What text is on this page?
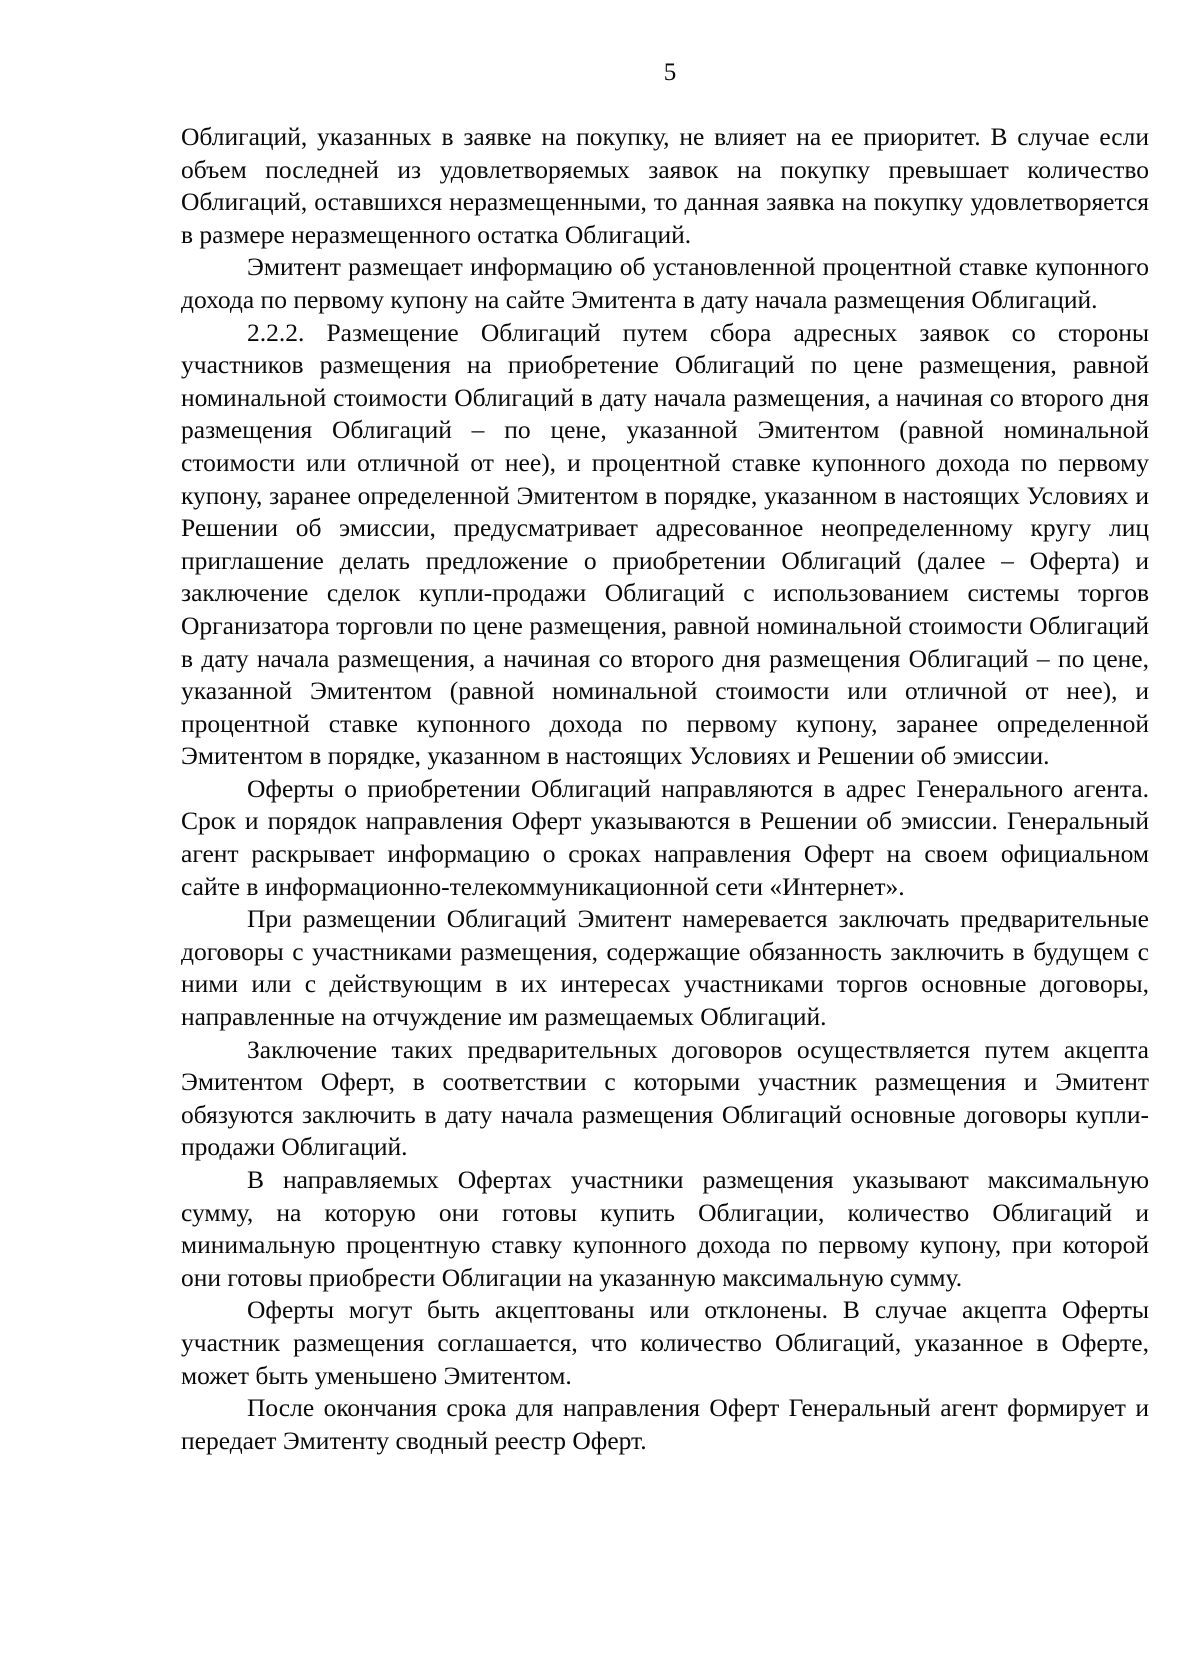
5

Облигаций, указанных в заявке на покупку, не влияет на ее приоритет. В случае если объем последней из удовлетворяемых заявок на покупку превышает количество Облигаций, оставшихся неразмещенными, то данная заявка на покупку удовлетворяется в размере неразмещенного остатка Облигаций.

Эмитент размещает информацию об установленной процентной ставке купонного дохода по первому купону на сайте Эмитента в дату начала размещения Облигаций.

2.2.2. Размещение Облигаций путем сбора адресных заявок со стороны участников размещения на приобретение Облигаций по цене размещения, равной номинальной стоимости Облигаций в дату начала размещения, а начиная со второго дня размещения Облигаций – по цене, указанной Эмитентом (равной номинальной стоимости или отличной от нее), и процентной ставке купонного дохода по первому купону, заранее определенной Эмитентом в порядке, указанном в настоящих Условиях и Решении об эмиссии, предусматривает адресованное неопределенному кругу лиц приглашение делать предложение о приобретении Облигаций (далее – Оферта) и заключение сделок купли-продажи Облигаций с использованием системы торгов Организатора торговли по цене размещения, равной номинальной стоимости Облигаций в дату начала размещения, а начиная со второго дня размещения Облигаций – по цене, указанной Эмитентом (равной номинальной стоимости или отличной от нее), и процентной ставке купонного дохода по первому купону, заранее определенной Эмитентом в порядке, указанном в настоящих Условиях и Решении об эмиссии.

Оферты о приобретении Облигаций направляются в адрес Генерального агента. Срок и порядок направления Оферт указываются в Решении об эмиссии. Генеральный агент раскрывает информацию о сроках направления Оферт на своем официальном сайте в информационно-телекоммуникационной сети «Интернет».

При размещении Облигаций Эмитент намеревается заключать предварительные договоры с участниками размещения, содержащие обязанность заключить в будущем с ними или с действующим в их интересах участниками торгов основные договоры, направленные на отчуждение им размещаемых Облигаций.

Заключение таких предварительных договоров осуществляется путем акцепта Эмитентом Оферт, в соответствии с которыми участник размещения и Эмитент обязуются заключить в дату начала размещения Облигаций основные договоры купли-продажи Облигаций.

В направляемых Офертах участники размещения указывают максимальную сумму, на которую они готовы купить Облигации, количество Облигаций и минимальную процентную ставку купонного дохода по первому купону, при которой они готовы приобрести Облигации на указанную максимальную сумму.

Оферты могут быть акцептованы или отклонены. В случае акцепта Оферты участник размещения соглашается, что количество Облигаций, указанное в Оферте, может быть уменьшено Эмитентом.

После окончания срока для направления Оферт Генеральный агент формирует и передает Эмитенту сводный реестр Оферт.
